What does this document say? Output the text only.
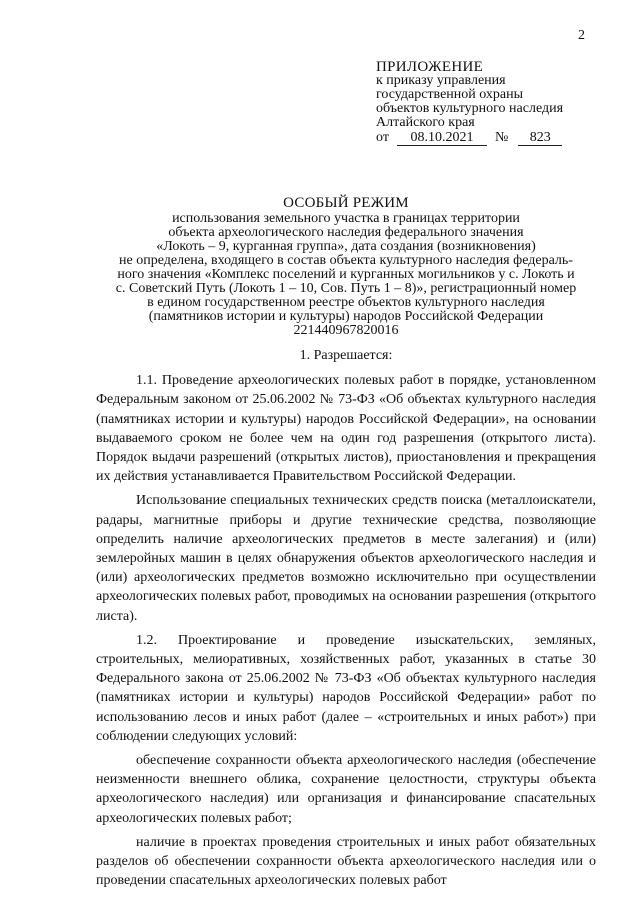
2
ПРИЛОЖЕНИЕ
к приказу управления
государственной охраны
объектов культурного наследия
Алтайского края
от	08.10.2021	№	823
ОСОБЫЙ РЕЖИМ
использования земельного участка в границах территории
объекта археологического наследия федерального значения
«Локоть – 9, курганная группа», дата создания (возникновения)
не определена, входящего в состав объекта культурного наследия федераль-
ного значения «Комплекс поселений и курганных могильников у с. Локоть и
с. Советский Путь (Локоть 1 – 10, Сов. Путь 1 – 8)», регистрационный номер
в едином государственном реестре объектов культурного наследия
(памятников истории и культуры) народов Российской Федерации
221440967820016
1. Разрешается:

1.1. Проведение археологических полевых работ в порядке, установленном Федеральным законом от 25.06.2002 № 73-ФЗ «Об объектах культурного наследия (памятниках истории и культуры) народов Российской Федерации», на основании выдаваемого сроком не более чем на один год разрешения (открытого листа). Порядок выдачи разрешений (открытых листов), приостановления и прекращения их действия устанавливается Правительством Российской Федерации.

Использование специальных технических средств поиска (металлоискатели, радары, магнитные приборы и другие технические средства, позволяющие определить наличие археологических предметов в месте залегания) и (или) землеройных машин в целях обнаружения объектов археологического наследия и (или) археологических предметов возможно исключительно при осуществлении археологических полевых работ, проводимых на основании разрешения (открытого листа).

1.2. Проектирование и проведение изыскательских, земляных, строительных, мелиоративных, хозяйственных работ, указанных в статье 30 Федерального закона от 25.06.2002 № 73-ФЗ «Об объектах культурного наследия (памятниках истории и культуры) народов Российской Федерации» работ по использованию лесов и иных работ (далее – «строительных и иных работ») при соблюдении следующих условий:

обеспечение сохранности объекта археологического наследия (обеспечение неизменности внешнего облика, сохранение целостности, структуры объекта археологического наследия) или организация и финансирование спасательных археологических полевых работ;

наличие в проектах проведения строительных и иных работ обязательных разделов об обеспечении сохранности объекта археологического наследия или о проведении спасательных археологических полевых работ
